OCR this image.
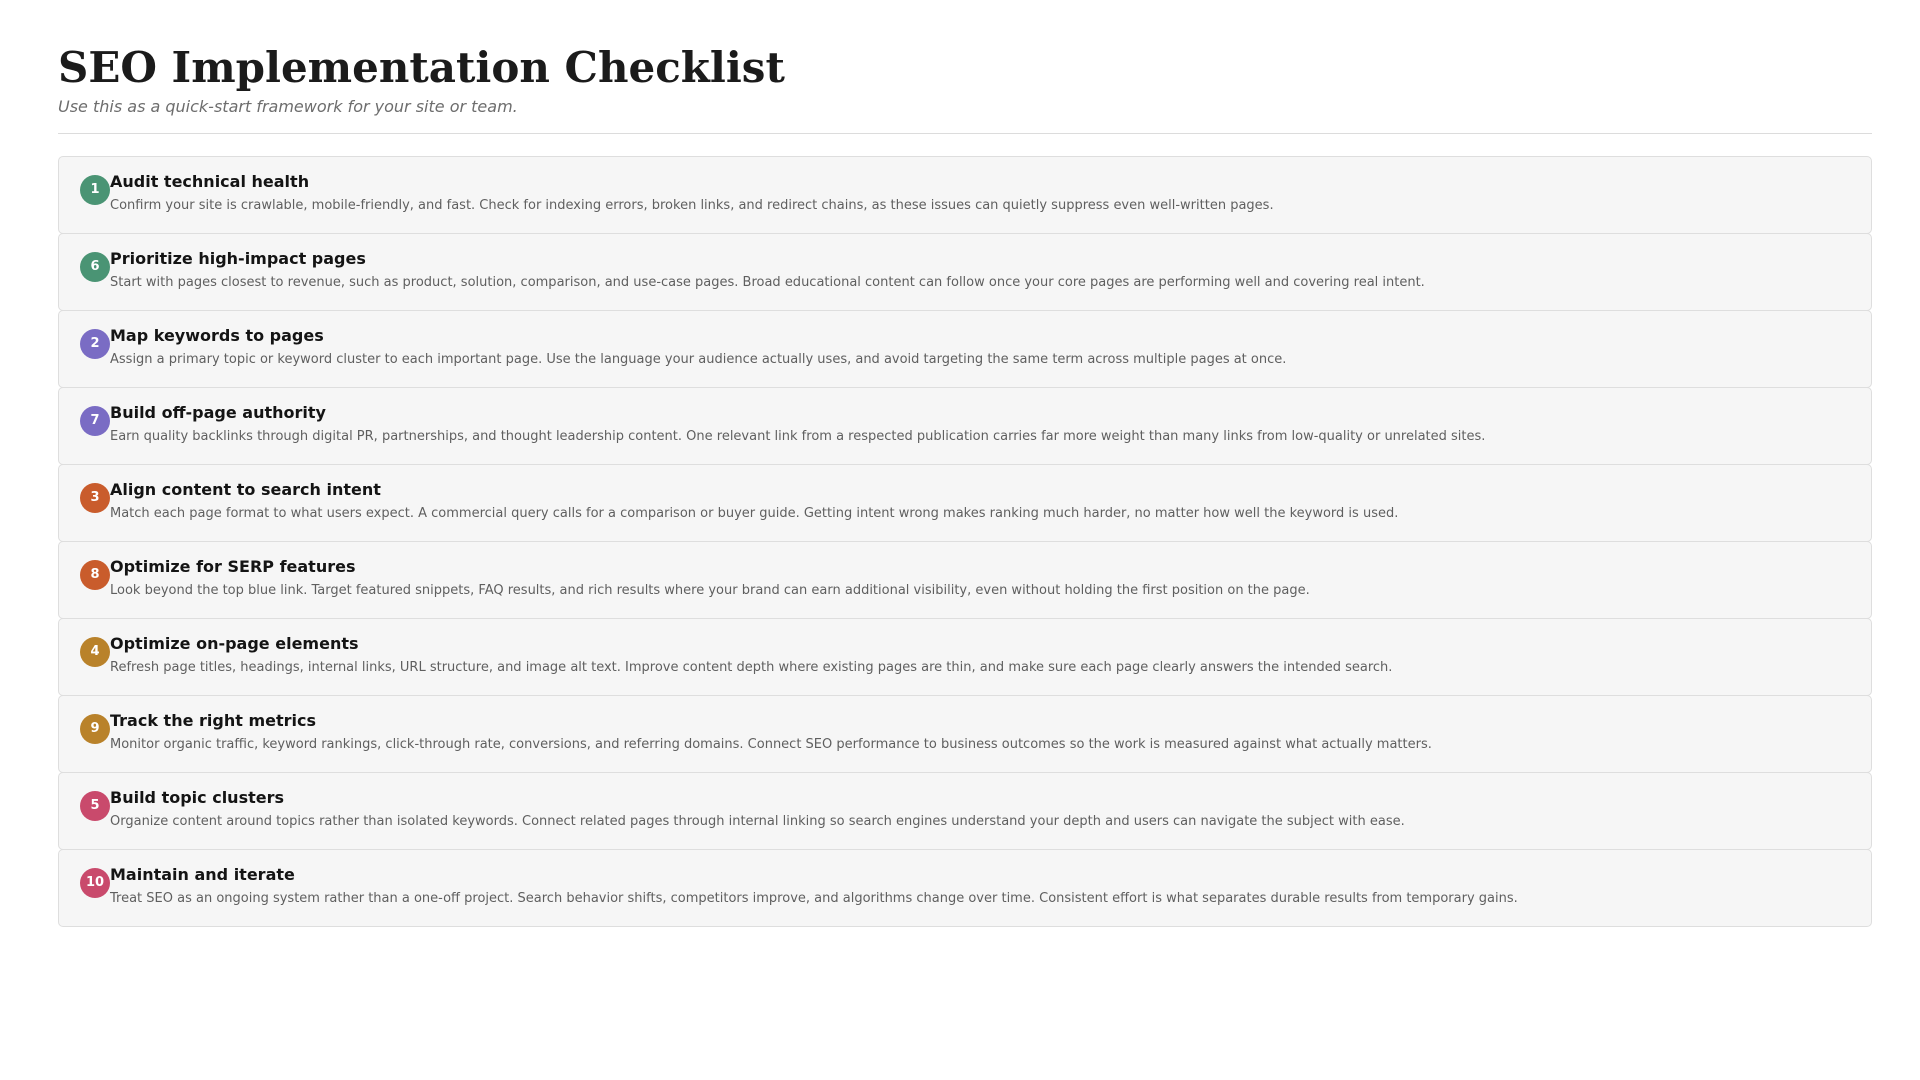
SEO Implementation Checklist

Use this as a quick-start framework for your site or team.

1 Audit technical health
Confirm your site is crawlable, mobile-friendly, and fast. Check for indexing errors, broken links, and redirect chains, as these issues can quietly suppress even well-written pages.
6 Prioritize high-impact pages
Start with pages closest to revenue, such as product, solution, comparison, and use-case pages. Broad educational content can follow once your core pages are performing well and covering real intent.
2 Map keywords to pages
Assign a primary topic or keyword cluster to each important page. Use the language your audience actually uses, and avoid targeting the same term across multiple pages at once.
7 Build off-page authority
Earn quality backlinks through digital PR, partnerships, and thought leadership content. One relevant link from a respected publication carries far more weight than many links from low-quality or unrelated sites.
3 Align content to search intent
Match each page format to what users expect. A commercial query calls for a comparison or buyer guide. Getting intent wrong makes ranking much harder, no matter how well the keyword is used.
8 Optimize for SERP features
Look beyond the top blue link. Target featured snippets, FAQ results, and rich results where your brand can earn additional visibility, even without holding the first position on the page.
4 Optimize on-page elements
Refresh page titles, headings, internal links, URL structure, and image alt text. Improve content depth where existing pages are thin, and make sure each page clearly answers the intended search.
9 Track the right metrics
Monitor organic traffic, keyword rankings, click-through rate, conversions, and referring domains. Connect SEO performance to business outcomes so the work is measured against what actually matters.
5 Build topic clusters
Organize content around topics rather than isolated keywords. Connect related pages through internal linking so search engines understand your depth and users can navigate the subject with ease.
10 Maintain and iterate
Treat SEO as an ongoing system rather than a one-off project. Search behavior shifts, competitors improve, and algorithms change over time. Consistent effort is what separates durable results from temporary gains.
